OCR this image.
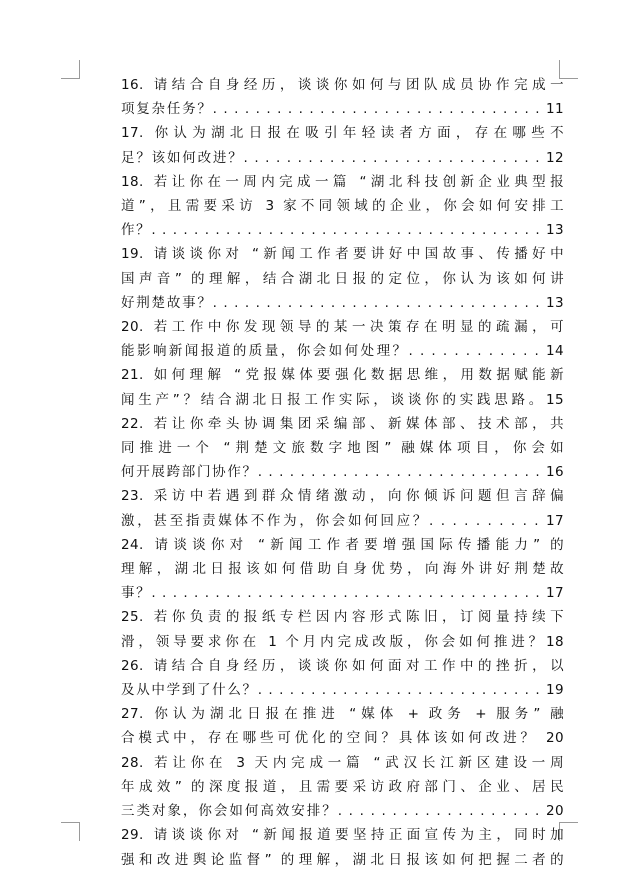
16. 请结合自身经历，谈谈你如何与团队成员协作完成一

项复杂任务？. . . . . . . . . . . . . . . . . . . . . . . . . . . . . . . 11

17. 你认为湖北日报在吸引年轻读者方面，存在哪些不

足？该如何改进？. . . . . . . . . . . . . . . . . . . . . . . . . . . . 12

18. 若让你在一周内完成一篇 “湖北科技创新企业典型报

道”，且需要采访 3 家不同领域的企业，你会如何安排工

作？. . . . . . . . . . . . . . . . . . . . . . . . . . . . . . . . . . . . . 13

19. 请谈谈你对 “新闻工作者要讲好中国故事、传播好中

国声音” 的理解，结合湖北日报的定位，你认为该如何讲

好荆楚故事？. . . . . . . . . . . . . . . . . . . . . . . . . . . . . . . 13

20. 若工作中你发现领导的某一决策存在明显的疏漏，可

能影响新闻报道的质量，你会如何处理？. . . . . . . . . . . . 14

21. 如何理解 “党报媒体要强化数据思维，用数据赋能新

闻生产”？结合湖北日报工作实际，谈谈你的实践思路。15

22. 若让你牵头协调集团采编部、新媒体部、技术部，共

同推进一个 “荆楚文旅数字地图” 融媒体项目，你会如

何开展跨部门协作？. . . . . . . . . . . . . . . . . . . . . . . . . . . 16

23. 采访中若遇到群众情绪激动，向你倾诉问题但言辞偏

激，甚至指责媒体不作为，你会如何回应？. . . . . . . . . . 17

24. 请谈谈你对 “新闻工作者要增强国际传播能力” 的

理解，湖北日报该如何借助自身优势，向海外讲好荆楚故

事？. . . . . . . . . . . . . . . . . . . . . . . . . . . . . . . . . . . . . 17

25. 若你负责的报纸专栏因内容形式陈旧，订阅量持续下

滑，领导要求你在 1 个月内完成改版，你会如何推进？18

26. 请结合自身经历，谈谈你如何面对工作中的挫折，以

及从中学到了什么？. . . . . . . . . . . . . . . . . . . . . . . . . . . 19

27. 你认为湖北日报在推进 “媒体 + 政务 + 服务” 融

合模式中，存在哪些可优化的空间？具体该如何改进？ 20

28. 若让你在 3 天内完成一篇 “武汉长江新区建设一周

年成效” 的深度报道，且需要采访政府部门、企业、居民

三类对象，你会如何高效安排？. . . . . . . . . . . . . . . . . . . 20

29. 请谈谈你对 “新闻报道要坚持正面宣传为主，同时加

强和改进舆论监督” 的理解，湖北日报该如何把握二者的
